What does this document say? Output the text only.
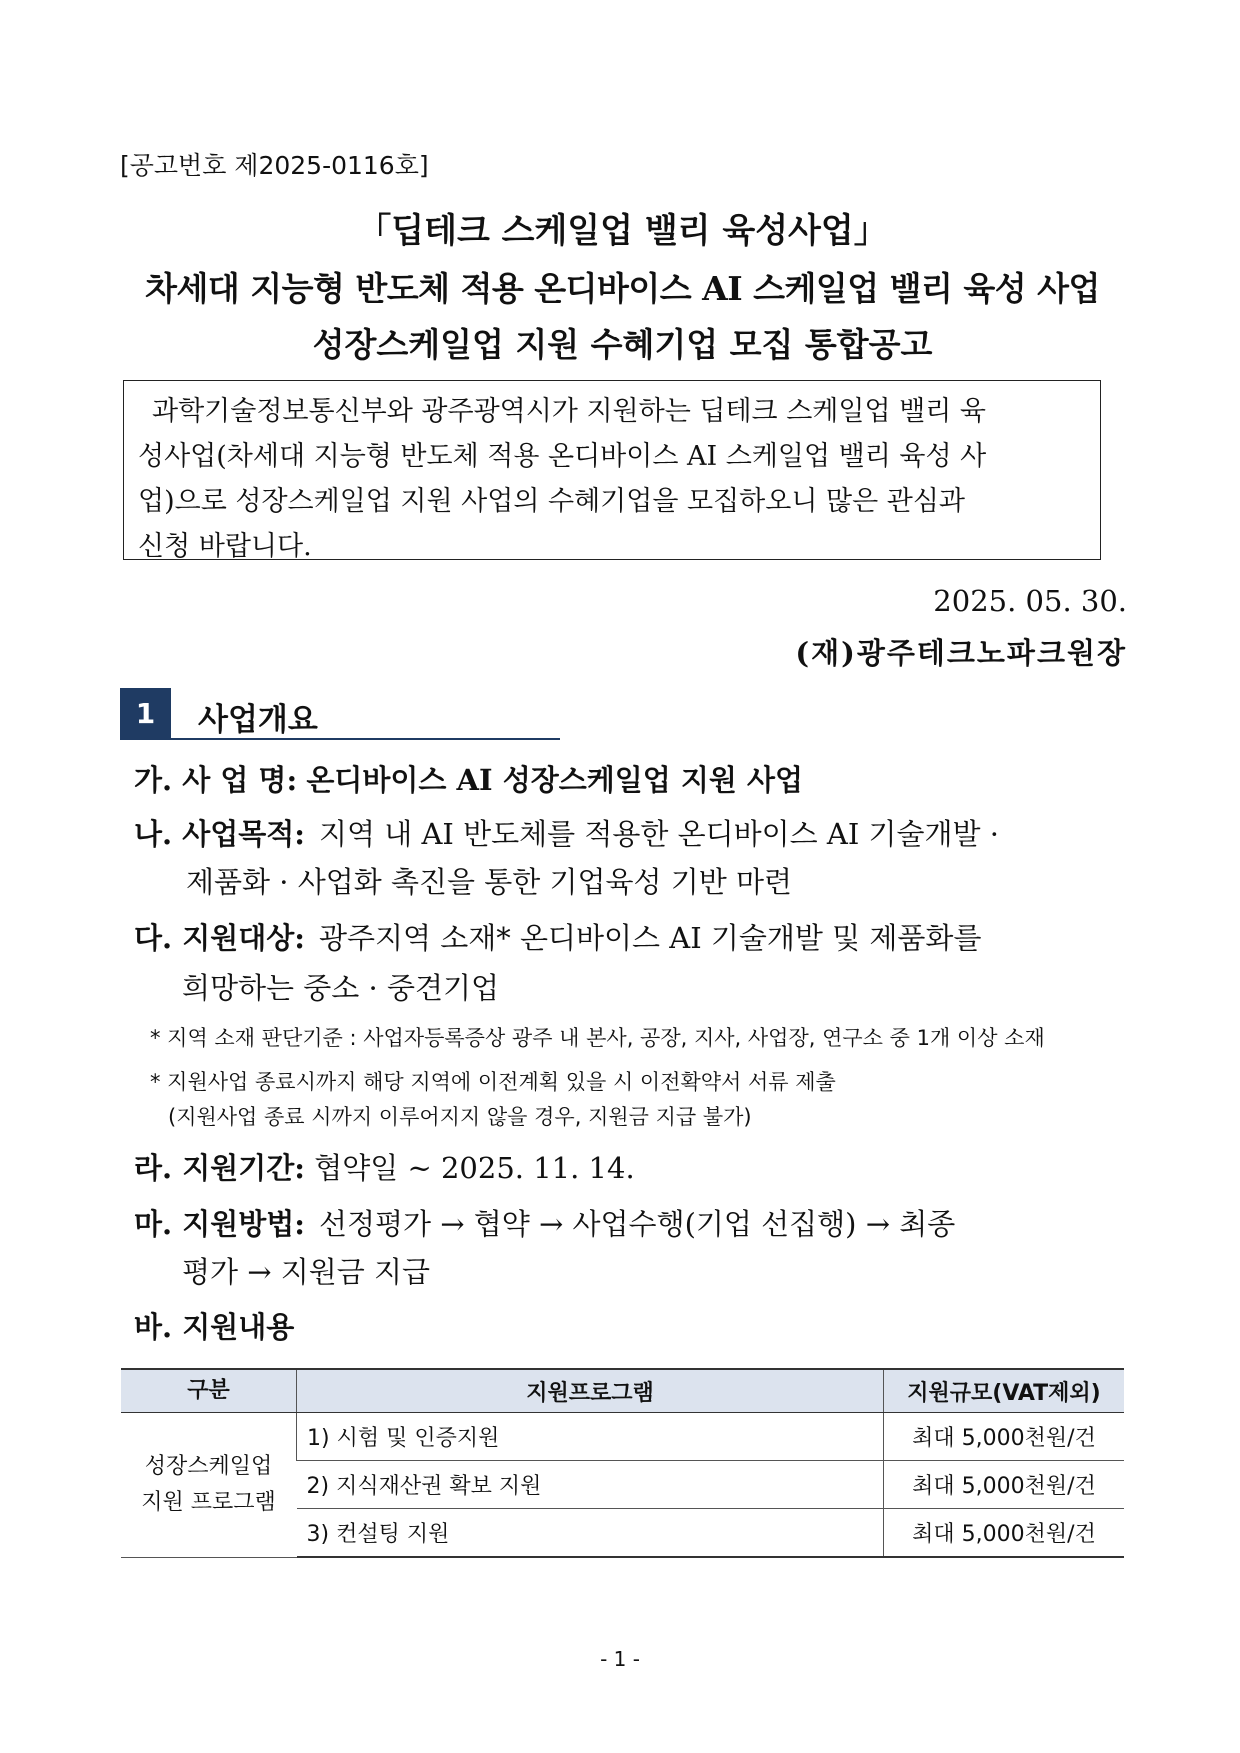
[공고번호 제2025-0116호]
「딥테크 스케일업 밸리 육성사업」
차세대 지능형 반도체 적용 온디바이스 AI 스케일업 밸리 육성 사업
성장스케일업 지원 수혜기업 모집 통합공고
과학기술정보통신부와 광주광역시가 지원하는 딥테크 스케일업 밸리 육
성사업(차세대 지능형 반도체 적용 온디바이스 AI 스케일업 밸리 육성 사
업)으로 성장스케일업 지원 사업의 수혜기업을 모집하오니 많은 관심과
신청 바랍니다.
2025. 05. 30.
(재)광주테크노파크원장
1	사업개요
가. 사 업 명: 온디바이스 AI 성장스케일업 지원 사업
나. 사업목적: 지역 내 AI 반도체를 적용한 온디바이스 AI 기술개발 ·
제품화 · 사업화 촉진을 통한 기업육성 기반 마련
다. 지원대상: 광주지역 소재* 온디바이스 AI 기술개발 및 제품화를
희망하는 중소 · 중견기업
* 지역 소재 판단기준 : 사업자등록증상 광주 내 본사, 공장, 지사, 사업장, 연구소 중 1개 이상 소재
* 지원사업 종료시까지 해당 지역에 이전계획 있을 시 이전확약서 서류 제출
(지원사업 종료 시까지 이루어지지 않을 경우, 지원금 지급 불가)
라. 지원기간: 협약일 ~ 2025. 11. 14.
마. 지원방법: 선정평가 → 협약 → 사업수행(기업 선집행) → 최종
평가 → 지원금 지급
바. 지원내용
구분	지원프로그램	지원규모(VAT제외)

성장스케일업
지원 프로그램	1) 시험 및 인증지원	최대 5,000천원/건
	2) 지식재산권 확보 지원	최대 5,000천원/건
	3) 컨설팅 지원	최대 5,000천원/건
- 1 -
